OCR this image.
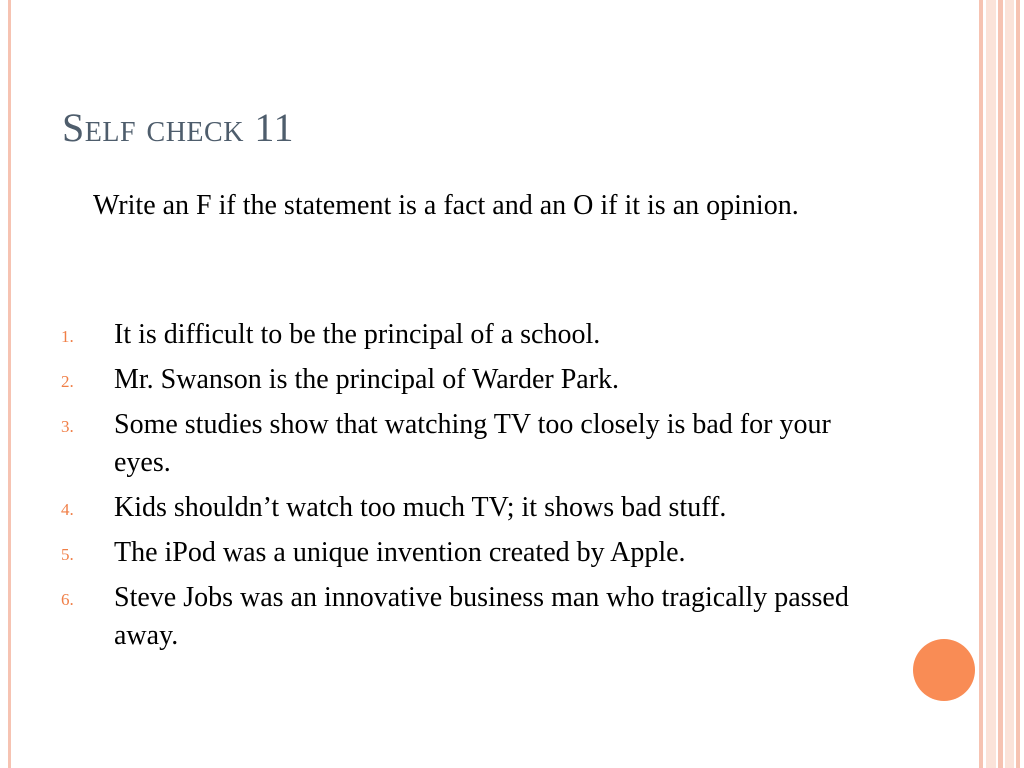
Self check 11

Write an F if the statement is a fact and an O if it is an opinion.

1. It is difficult to be the principal of a school.
2. Mr. Swanson is the principal of Warder Park.
3. Some studies show that watching TV too closely is bad for your eyes.
4. Kids shouldn’t watch too much TV; it shows bad stuff.
5. The iPod was a unique invention created by Apple.
6. Steve Jobs was an innovative business man who tragically passed away.
